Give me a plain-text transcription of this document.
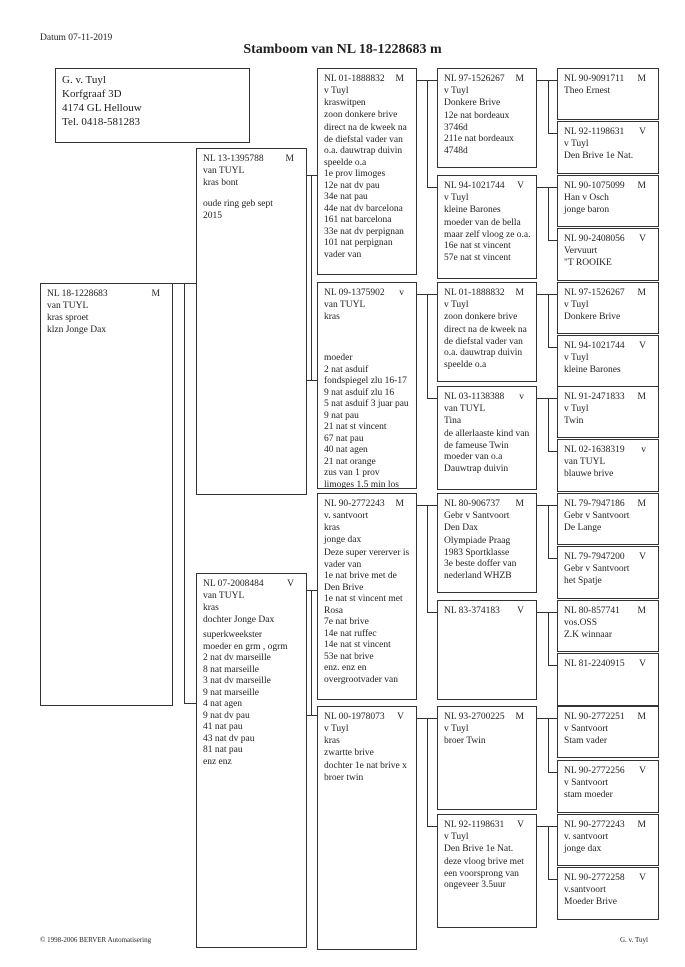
Datum 07-11-2019
Stamboom van NL 18-1228683 m
G. v. Tuyl
Korfgraaf 3D
4174 GL Hellouw
Tel. 0418-581283
NL 18-1228683	M
van TUYL
kras sproet
klzn Jonge Dax
NL 13-1395788 M
van TUYL
kras bont
oude ring geb sept
2015
NL 07-2008484 V
van TUYL
kras
dochter Jonge Dax
superkweekster
moeder en grm , ogrm
2 nat dv marseille
8 nat marseille
3 nat dv marseille
9 nat marseille
4 nat agen
9 nat dv pau
41 nat pau
43 nat dv pau
81 nat pau
enz enz
NL 01-1888832 M
v Tuyl
kraswitpen
zoon donkere brive
direct na de kweek na
de diefstal vader van
o.a. dauwtrap duivin
speelde o.a
1e prov limoges
12e nat dv pau
34e nat pau
44e nat dv barcelona
161 nat barcelona
33e nat dv perpignan
101 nat perpignan
vader van
NL 09-1375902 v
van TUYL
kras
moeder
2 nat asduif
fondspiegel zlu 16-17
9 nat asduif zlu 16
5 nat asduif 3 juar pau
9 nat pau
21 nat st vincent
67 nat pau
40 nat agen
21 nat orange
zus van 1 prov
limoges 1.5 min los
NL 90-2772243 M
v. santvoort
kras
jonge dax
Deze super vererver is
vader van
1e nat brive met de
Den Brive
1e nat st vincent met
Rosa
7e nat brive
14e nat ruffec
14e nat st vincent
53e nat brive
enz. enz en
overgrootvader van
NL 00-1978073 V
v Tuyl
kras
zwartte brive
dochter 1e nat brive x
broer twin
NL 97-1526267 M
v Tuyl
Donkere Brive
12e nat bordeaux
3746d
211e nat bordeaux
4748d
NL 94-1021744 V
v Tuyl
kleine Barones
moeder van de bella
maar zelf vloog ze o.a.
16e nat st vincent
57e nat st vincent
NL 01-1888832 M
v Tuyl
zoon donkere brive
direct na de kweek na
de diefstal vader van
o.a. dauwtrap duivin
speelde o.a
NL 03-1138388 v
van TUYL
Tina
de allerlaaste kind van
de fameuse Twin
moeder van o.a
Dauwtrap duivin
NL 80-906737 M
Gebr v Santvoort
Den Dax
Olympiade Praag
1983 Sportklasse
3e beste doffer van
nederland WHZB
NL 83-374183 V
NL 93-2700225 M
v Tuyl
broer Twin
NL 92-1198631 V
v Tuyl
Den Brive 1e Nat.
deze vloog brive met
een voorsprong van
ongeveer 3.5uur
NL 90-9091711 M
Theo Ernest
NL 92-1198631 V
v Tuyl
Den Brive 1e Nat.
NL 90-1075099 M
Han v Osch
jonge baron
NL 90-2408056 V
Vervuurt
"T ROOIKE
NL 97-1526267 M
v Tuyl
Donkere Brive
NL 94-1021744 V
v Tuyl
kleine Barones
NL 91-2471833 M
v Tuyl
Twin
NL 02-1638319 v
van TUYL
blauwe brive
NL 79-7947186 M
Gebr v Santvoort
De Lange
NL 79-7947200 V
Gebr v Santvoort
het Spatje
NL 80-857741 M
vos.OSS
Z.K winnaar
NL 81-2240915 V
NL 90-2772251 M
v Santvoort
Stam vader
NL 90-2772256 V
v Santvoort
stam moeder
NL 90-2772243 M
v. santvoort
jonge dax
NL 90-2772258 V
v.santvoort
Moeder Brive
© 1998-2006 BERVER Automatisering	G. v. Tuyl
